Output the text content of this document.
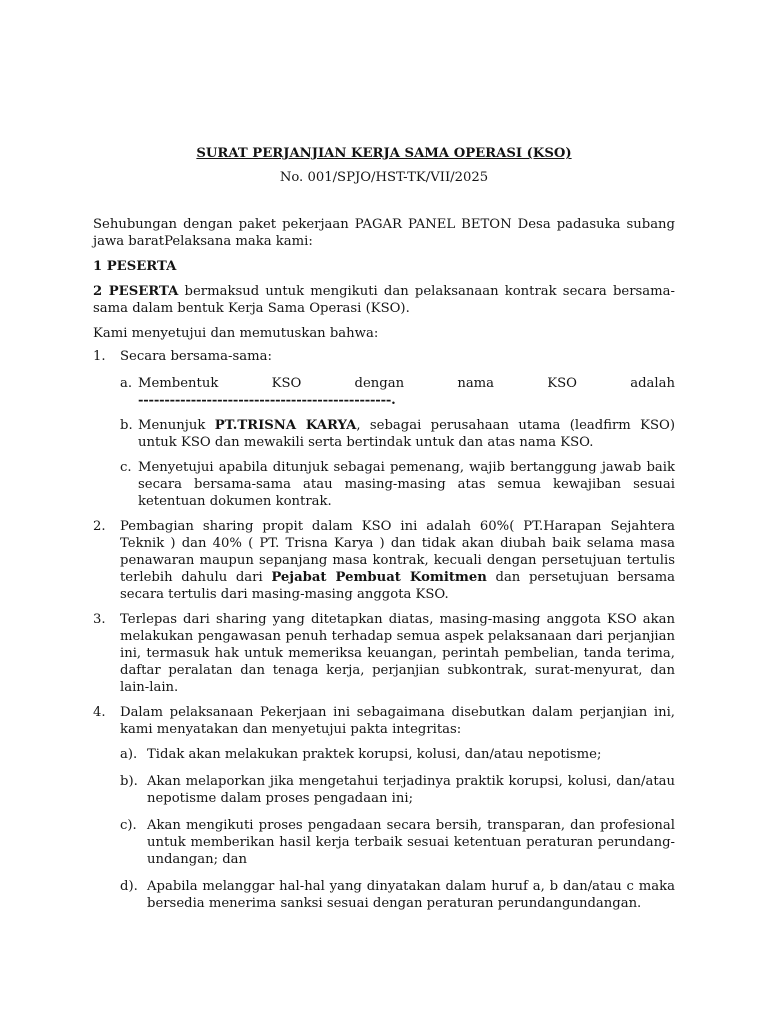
SURAT PERJANJIAN KERJA SAMA OPERASI (KSO)
No. 001/SPJO/HST-TK/VII/2025

Sehubungan dengan paket pekerjaan PAGAR PANEL BETON Desa padasuka subang jawa baratPelaksana maka kami:

1 PESERTA

2 PESERTA bermaksud untuk mengikuti dan pelaksanaan kontrak secara bersama-sama dalam bentuk Kerja Sama Operasi (KSO).

Kami menyetujui dan memutuskan bahwa:

1.	Secara bersama-sama:
a. Membentuk KSO dengan nama KSO adalah ------------------------------------------------.
b. Menunjuk PT.TRISNA KARYA, sebagai perusahaan utama (leadfirm KSO) untuk KSO dan mewakili serta bertindak untuk dan atas nama KSO.
c. Menyetujui apabila ditunjuk sebagai pemenang, wajib bertanggung jawab baik secara bersama-sama atau masing-masing atas semua kewajiban sesuai ketentuan dokumen kontrak.
2.	Pembagian sharing propit dalam KSO ini adalah 60%( PT.Harapan Sejahtera Teknik ) dan 40% ( PT. Trisna Karya ) dan tidak akan diubah baik selama masa penawaran maupun sepanjang masa kontrak, kecuali dengan persetujuan tertulis terlebih dahulu dari Pejabat Pembuat Komitmen dan persetujuan bersama secara tertulis dari masing-masing anggota KSO.
3.	Terlepas dari sharing yang ditetapkan diatas, masing-masing anggota KSO akan melakukan pengawasan penuh terhadap semua aspek pelaksanaan dari perjanjian ini, termasuk hak untuk memeriksa keuangan, perintah pembelian, tanda terima, daftar peralatan dan tenaga kerja, perjanjian subkontrak, surat-menyurat, dan lain-lain.
4.	Dalam pelaksanaan Pekerjaan ini sebagaimana disebutkan dalam perjanjian ini, kami menyatakan dan menyetujui pakta integritas:
a). Tidak akan melakukan praktek korupsi, kolusi, dan/atau nepotisme;
b). Akan melaporkan jika mengetahui terjadinya praktik korupsi, kolusi, dan/atau nepotisme dalam proses pengadaan ini;
c). Akan mengikuti proses pengadaan secara bersih, transparan, dan profesional untuk memberikan hasil kerja terbaik sesuai ketentuan peraturan perundang-undangan; dan
d). Apabila melanggar hal-hal yang dinyatakan dalam huruf a, b dan/atau c maka bersedia menerima sanksi sesuai dengan peraturan perundangundangan.
